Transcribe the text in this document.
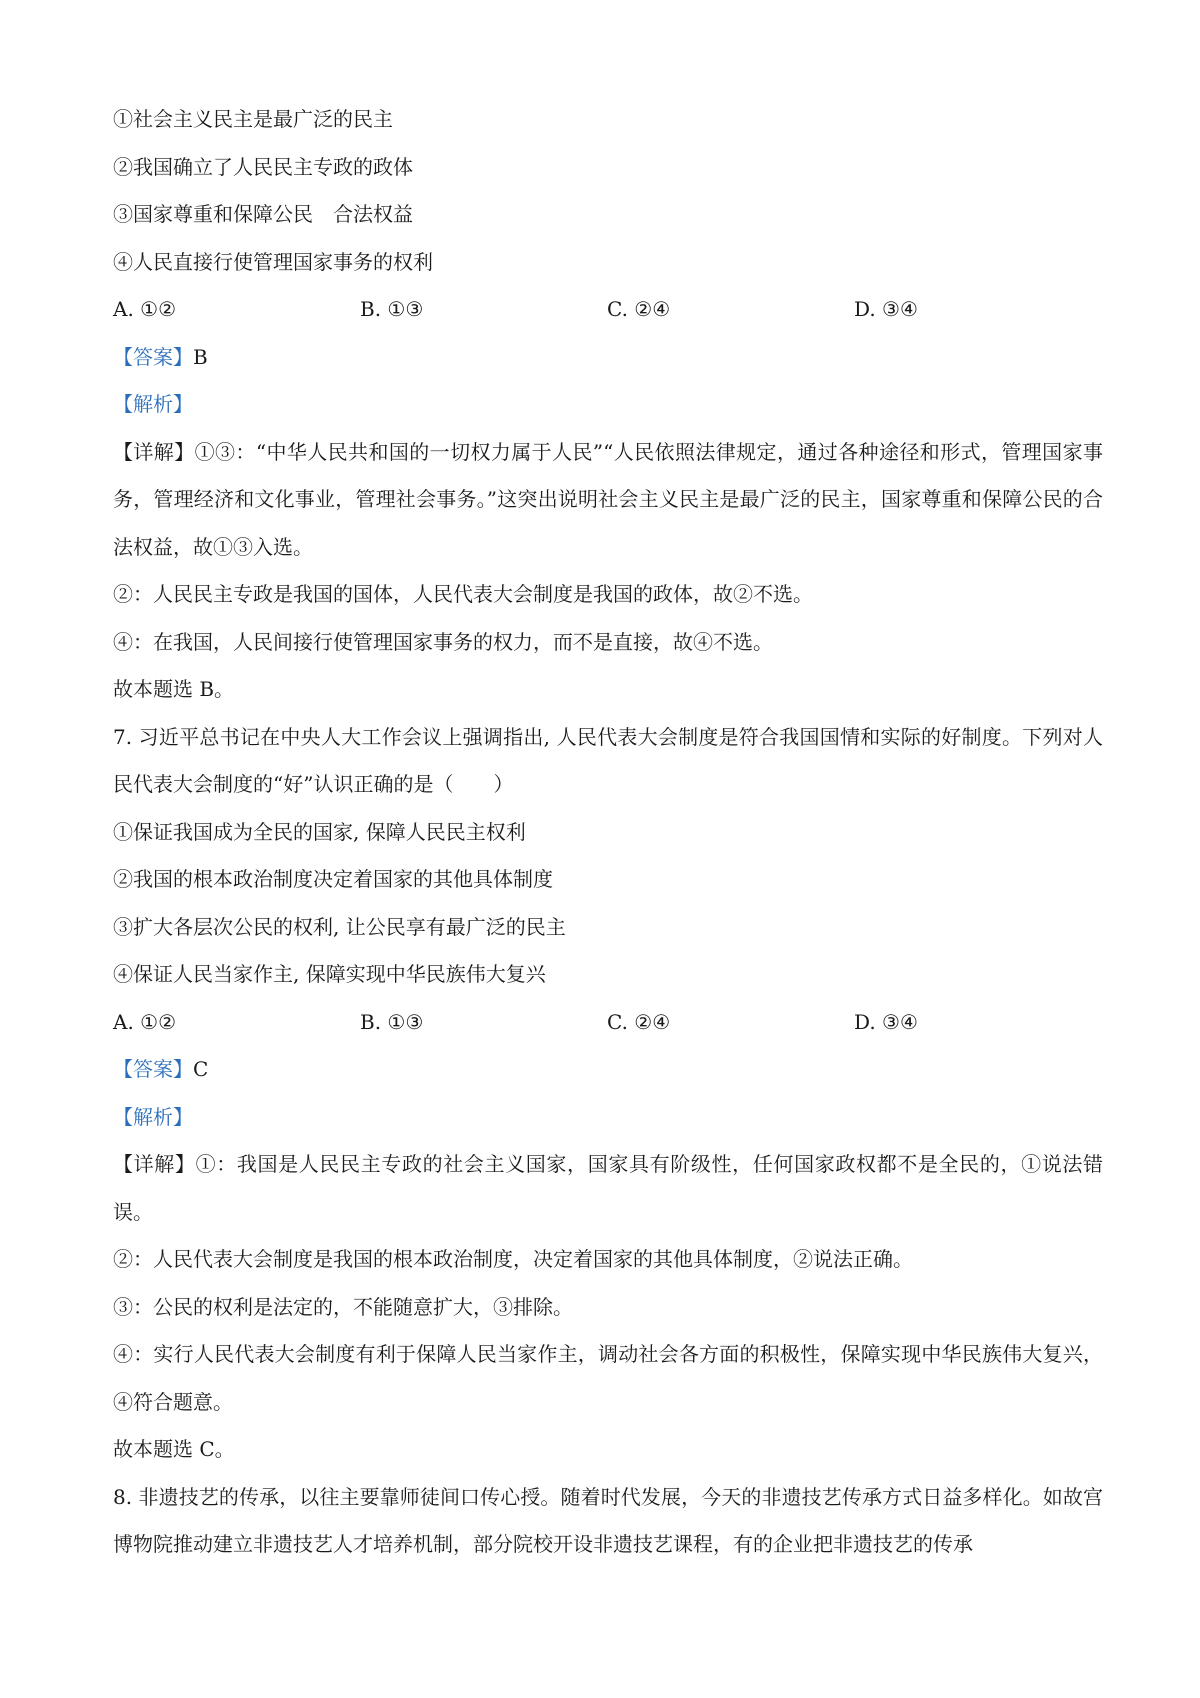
①社会主义民主是最广泛的民主
②我国确立了人民民主专政的政体
③国家尊重和保障公民　合法权益
④人民直接行使管理国家事务的权利
A. ①②	B. ①③	C. ②④	D. ③④
【答案】B
【解析】
【详解】①③：“中华人民共和国的一切权力属于人民”“人民依照法律规定，通过各种途径和形式，管理国家事务，管理经济和文化事业，管理社会事务。”这突出说明社会主义民主是最广泛的民主，国家尊重和保障公民的合法权益，故①③入选。
②：人民民主专政是我国的国体，人民代表大会制度是我国的政体，故②不选。
④：在我国，人民间接行使管理国家事务的权力，而不是直接，故④不选。
故本题选 B。
7. 习近平总书记在中央人大工作会议上强调指出, 人民代表大会制度是符合我国国情和实际的好制度。下列对人民代表大会制度的“好”认识正确的是（　　）
①保证我国成为全民的国家, 保障人民民主权利
②我国的根本政治制度决定着国家的其他具体制度
③扩大各层次公民的权利, 让公民享有最广泛的民主
④保证人民当家作主, 保障实现中华民族伟大复兴
A. ①②	B. ①③	C. ②④	D. ③④
【答案】C
【解析】
【详解】①：我国是人民民主专政的社会主义国家，国家具有阶级性，任何国家政权都不是全民的，①说法错误。
②：人民代表大会制度是我国的根本政治制度，决定着国家的其他具体制度，②说法正确。
③：公民的权利是法定的，不能随意扩大，③排除。
④：实行人民代表大会制度有利于保障人民当家作主，调动社会各方面的积极性，保障实现中华民族伟大复兴，④符合题意。
故本题选 C。
8. 非遗技艺的传承，以往主要靠师徒间口传心授。随着时代发展，今天的非遗技艺传承方式日益多样化。如故宫博物院推动建立非遗技艺人才培养机制，部分院校开设非遗技艺课程，有的企业把非遗技艺的传承
